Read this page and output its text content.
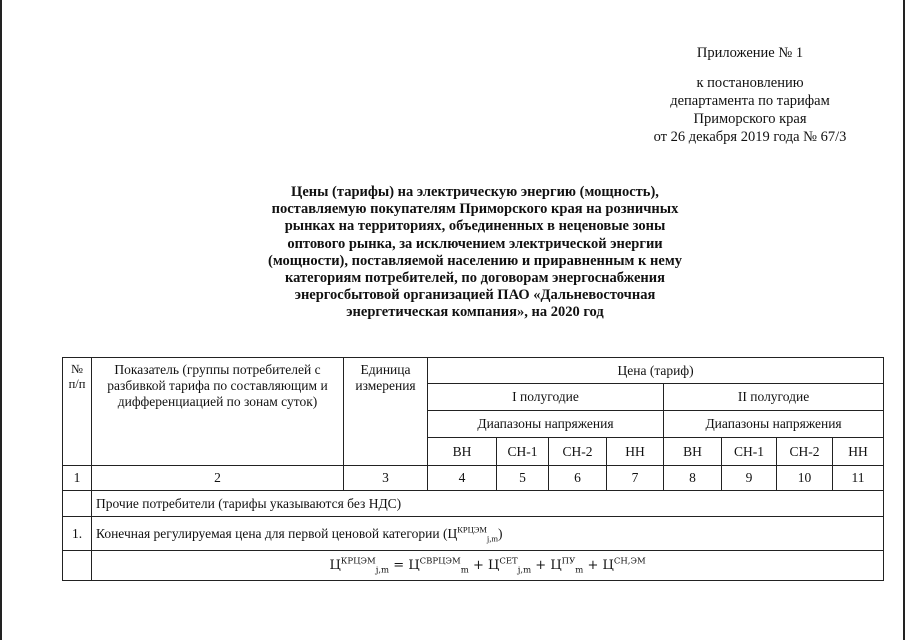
Приложение № 1
к постановлению
департамента по тарифам
Приморского края
от 26 декабря 2019 года № 67/3
Цены (тарифы) на электрическую энергию (мощность),
поставляемую покупателям Приморского края на розничных
рынках на территориях, объединенных в неценовые зоны
оптового рынка, за исключением электрической энергии
(мощности), поставляемой населению и приравненным к нему
категориям потребителей, по договорам энергоснабжения
энергосбытовой организацией ПАО «Дальневосточная
энергетическая компания», на 2020 год
№ п/п	Показатель (группы потребителей с разбивкой тарифа по составляющим и дифференциацией по зонам суток)	Единица измерения	Цена (тариф)							
			I полугодие				II полугодие			
			Диапазоны напряжения				Диапазоны напряжения			
			ВН	СН-1	СН-2	НН	ВН	СН-1	СН-2	НН
1	2	3	4	5	6	7	8	9	10	11
	Прочие потребители (тарифы указываются без НДС)									
1.	Конечная регулируемая цена для первой ценовой категории $(Ц^{КРЦЭМ}_{j,m})$									
	$Ц^{КРЦЭМ}_{j,m} = Ц^{СВРЦЭМ}_m + Ц^{СЕТ}_{j,m} + Ц^{ПУ}_m + Ц^{СН,ЭМ}$
